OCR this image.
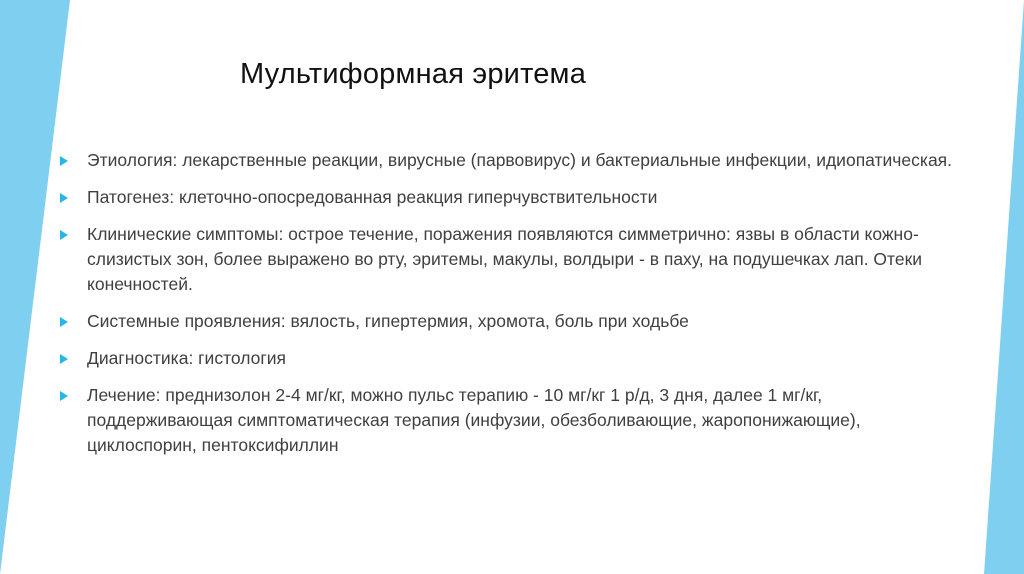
Мультиформная эритема
Этиология: лекарственные реакции, вирусные (парвовирус) и бактериальные инфекции, идиопатическая.
Патогенез: клеточно-опосредованная реакция гиперчувствительности
Клинические симптомы: острое течение, поражения появляются симметрично: язвы в области кожно-слизистых зон, более выражено во рту, эритемы, макулы, волдыри - в паху, на подушечках лап. Отеки конечностей.
Системные проявления: вялость, гипертермия, хромота, боль при ходьбе
Диагностика: гистология
Лечение: преднизолон 2-4 мг/кг, можно пульс терапию - 10 мг/кг 1 р/д, 3 дня, далее 1 мг/кг, поддерживающая симптоматическая терапия (инфузии, обезболивающие, жаропонижающие), циклоспорин, пентоксифиллин
